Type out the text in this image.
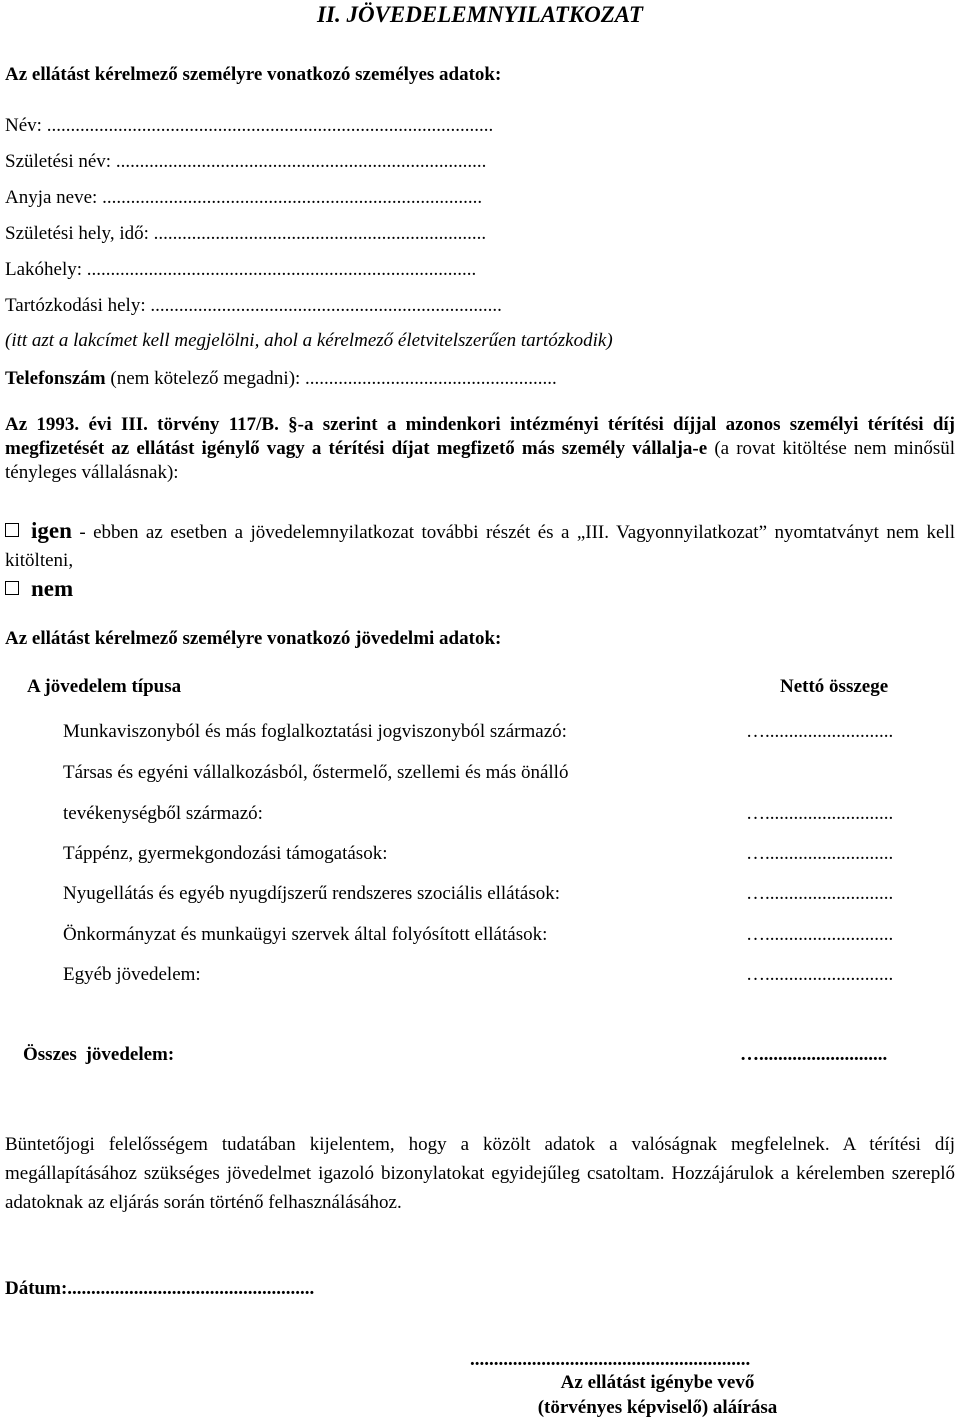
II. JÖVEDELEMNYILATKOZAT
Az ellátást kérelmező személyre vonatkozó személyes adatok:
Név: ..............................................................................................
Születési név: ..............................................................................
Anyja neve: ................................................................................
Születési hely, idő: ......................................................................
Lakóhely: ..................................................................................
Tartózkodási hely: ..........................................................................
(itt azt a lakcímet kell megjelölni, ahol a kérelmező életvitelszerűen tartózkodik)
Telefonszám (nem kötelező megadni): .....................................................
Az 1993. évi III. törvény 117/B. §-a szerint a mindenkori intézményi térítési díjjal azonos személyi térítési díj megfizetését az ellátást igénylő vagy a térítési díjat megfizető más személy vállalja-e (a rovat kitöltése nem minősül tényleges vállalásnak):
igen - ebben az esetben a jövedelemnyilatkozat további részét és a „III. Vagyonnyilatkozat” nyomtatványt nem kell kitölteni,
nem
Az ellátást kérelmező személyre vonatkozó jövedelmi adatok:
A jövedelem típusa	Nettó összege
Munkaviszonyból és más foglalkoztatási jogviszonyból származó:	…...........................
Társas és egyéni vállalkozásból, őstermelő, szellemi és más önálló
tevékenységből származó:	…...........................
Táppénz, gyermekgondozási támogatások:	…...........................
Nyugellátás és egyéb nyugdíjszerű rendszeres szociális ellátások:	…...........................
Önkormányzat és munkaügyi szervek által folyósított ellátások:	…...........................
Egyéb jövedelem:	…...........................
Összes jövedelem:	…...........................
Büntetőjogi felelősségem tudatában kijelentem, hogy a közölt adatok a valóságnak megfelelnek. A térítési díj megállapításához szükséges jövedelmet igazoló bizonylatokat egyidejűleg csatoltam. Hozzájárulok a kérelemben szereplő adatoknak az eljárás során történő felhasználásához.
Dátum:....................................................
...........................................................
Az ellátást igénybe vevő
(törvényes képviselő) aláírása
